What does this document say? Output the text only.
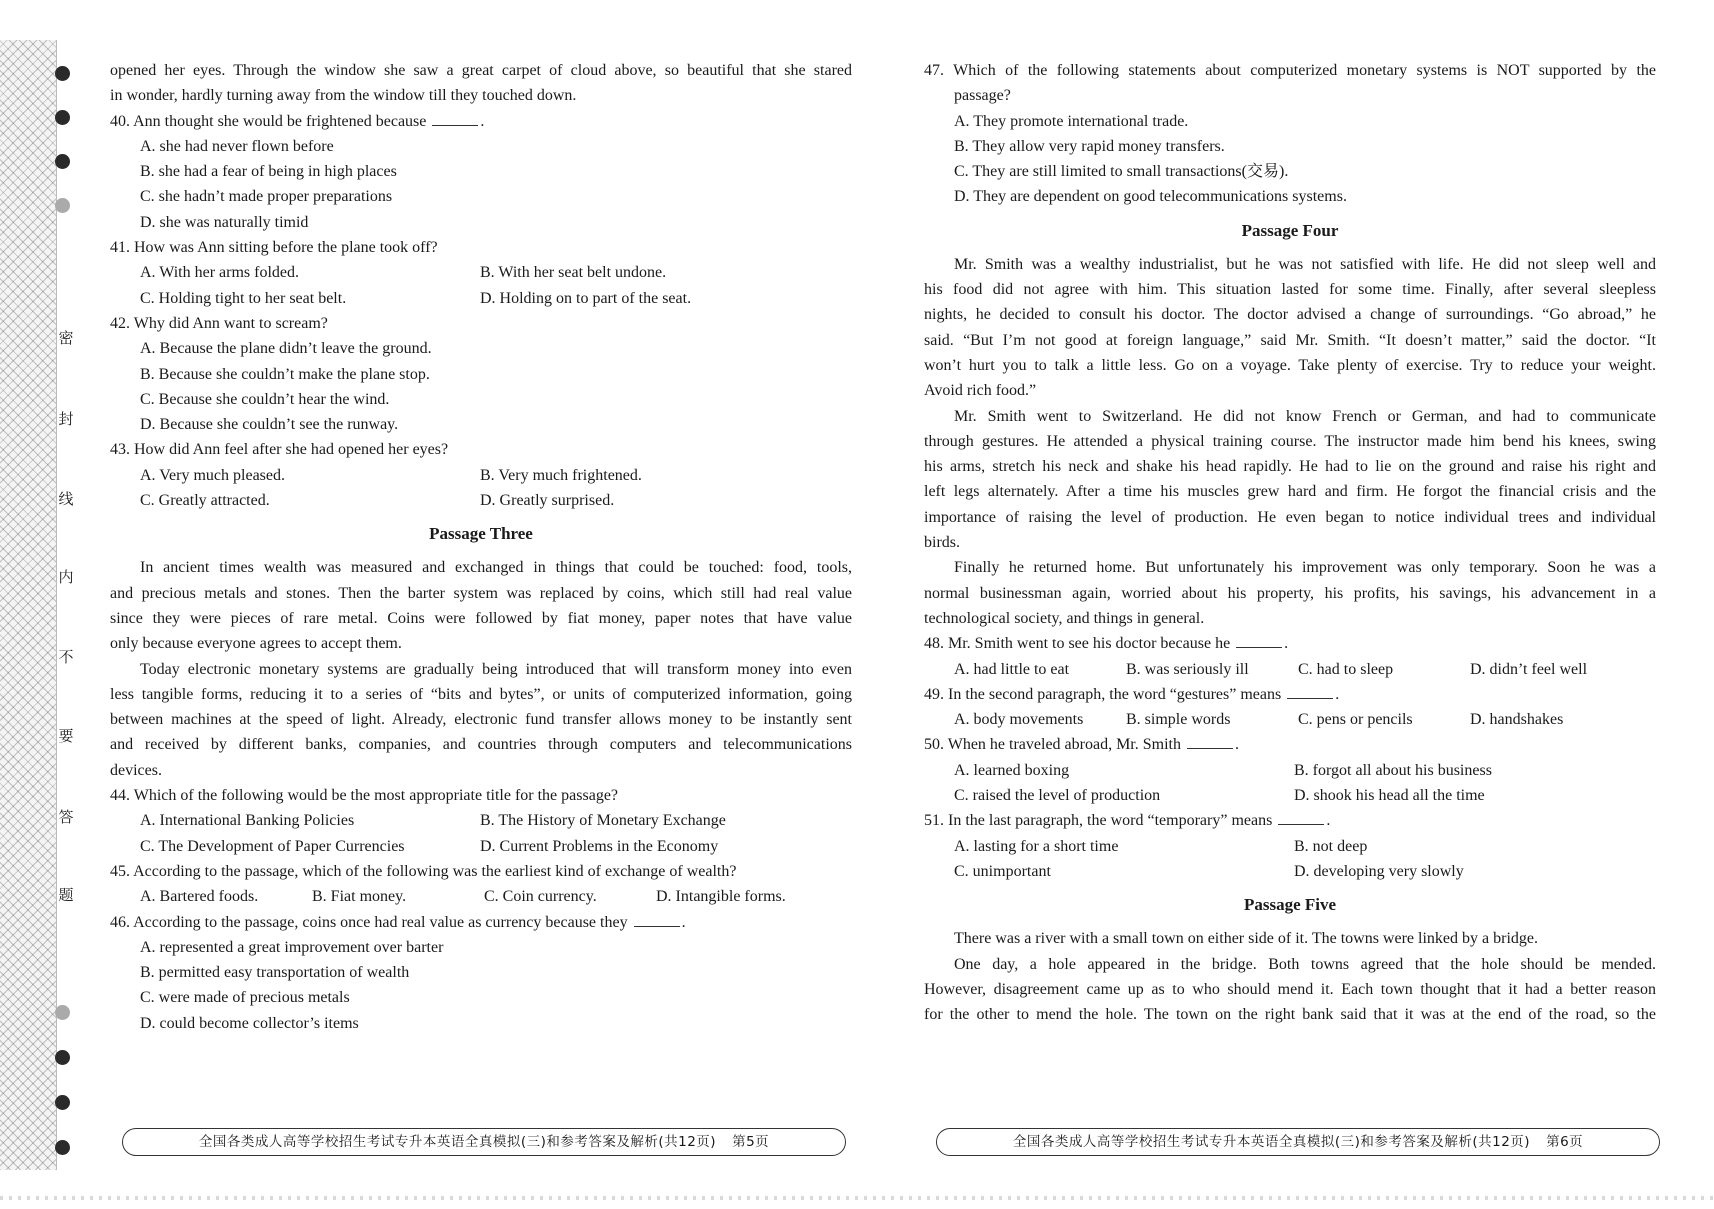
密
封
线
内
不
要
答
题
opened her eyes. Through the window she saw a great carpet of cloud above, so beautiful that she stared
in wonder, hardly turning away from the window till they touched down.
40. Ann thought she would be frightened because	.
A. she had never flown before
B. she had a fear of being in high places
C. she hadn’t made proper preparations
D. she was naturally timid
41. How was Ann sitting before the plane took off?
A. With her arms folded.	B. With her seat belt undone.
C. Holding tight to her seat belt.	D. Holding on to part of the seat.
42. Why did Ann want to scream?
A. Because the plane didn’t leave the ground.
B. Because she couldn’t make the plane stop.
C. Because she couldn’t hear the wind.
D. Because she couldn’t see the runway.
43. How did Ann feel after she had opened her eyes?
A. Very much pleased.	B. Very much frightened.
C. Greatly attracted.	D. Greatly surprised.
Passage Three
In ancient times wealth was measured and exchanged in things that could be touched: food, tools,
and precious metals and stones. Then the barter system was replaced by coins, which still had real value
since they were pieces of rare metal. Coins were followed by fiat money, paper notes that have value
only because everyone agrees to accept them.
Today electronic monetary systems are gradually being introduced that will transform money into even
less tangible forms, reducing it to a series of “bits and bytes”, or units of computerized information, going
between machines at the speed of light. Already, electronic fund transfer allows money to be instantly sent
and received by different banks, companies, and countries through computers and telecommunications
devices.
44. Which of the following would be the most appropriate title for the passage?
A. International Banking Policies	B. The History of Monetary Exchange
C. The Development of Paper Currencies	D. Current Problems in the Economy
45. According to the passage, which of the following was the earliest kind of exchange of wealth?
A. Bartered foods.	B. Fiat money.	C. Coin currency.	D. Intangible forms.
46. According to the passage, coins once had real value as currency because they	.
A. represented a great improvement over barter
B. permitted easy transportation of wealth
C. were made of precious metals
D. could become collector’s items
全国各类成人高等学校招生考试专升本英语全真模拟(三)和参考答案及解析(共12页) 第5页
47. Which of the following statements about computerized monetary systems is NOT supported by the
passage?
A. They promote international trade.
B. They allow very rapid money transfers.
C. They are still limited to small transactions(交易).
D. They are dependent on good telecommunications systems.
Passage Four
Mr. Smith was a wealthy industrialist, but he was not satisfied with life. He did not sleep well and
his food did not agree with him. This situation lasted for some time. Finally, after several sleepless
nights, he decided to consult his doctor. The doctor advised a change of surroundings. “Go abroad,” he
said. “But I’m not good at foreign language,” said Mr. Smith. “It doesn’t matter,” said the doctor. “It
won’t hurt you to talk a little less. Go on a voyage. Take plenty of exercise. Try to reduce your weight.
Avoid rich food.”
Mr. Smith went to Switzerland. He did not know French or German, and had to communicate
through gestures. He attended a physical training course. The instructor made him bend his knees, swing
his arms, stretch his neck and shake his head rapidly. He had to lie on the ground and raise his right and
left legs alternately. After a time his muscles grew hard and firm. He forgot the financial crisis and the
importance of raising the level of production. He even began to notice individual trees and individual
birds.
Finally he returned home. But unfortunately his improvement was only temporary. Soon he was a
normal businessman again, worried about his property, his profits, his savings, his advancement in a
technological society, and things in general.
48. Mr. Smith went to see his doctor because he	.
A. had little to eat	B. was seriously ill	C. had to sleep	D. didn’t feel well
49. In the second paragraph, the word “gestures” means	.
A. body movements	B. simple words	C. pens or pencils	D. handshakes
50. When he traveled abroad, Mr. Smith	.
A. learned boxing	B. forgot all about his business
C. raised the level of production	D. shook his head all the time
51. In the last paragraph, the word “temporary” means	.
A. lasting for a short time	B. not deep
C. unimportant	D. developing very slowly
Passage Five
There was a river with a small town on either side of it. The towns were linked by a bridge.
One day, a hole appeared in the bridge. Both towns agreed that the hole should be mended.
However, disagreement came up as to who should mend it. Each town thought that it had a better reason
for the other to mend the hole. The town on the right bank said that it was at the end of the road, so the
全国各类成人高等学校招生考试专升本英语全真模拟(三)和参考答案及解析(共12页) 第6页
